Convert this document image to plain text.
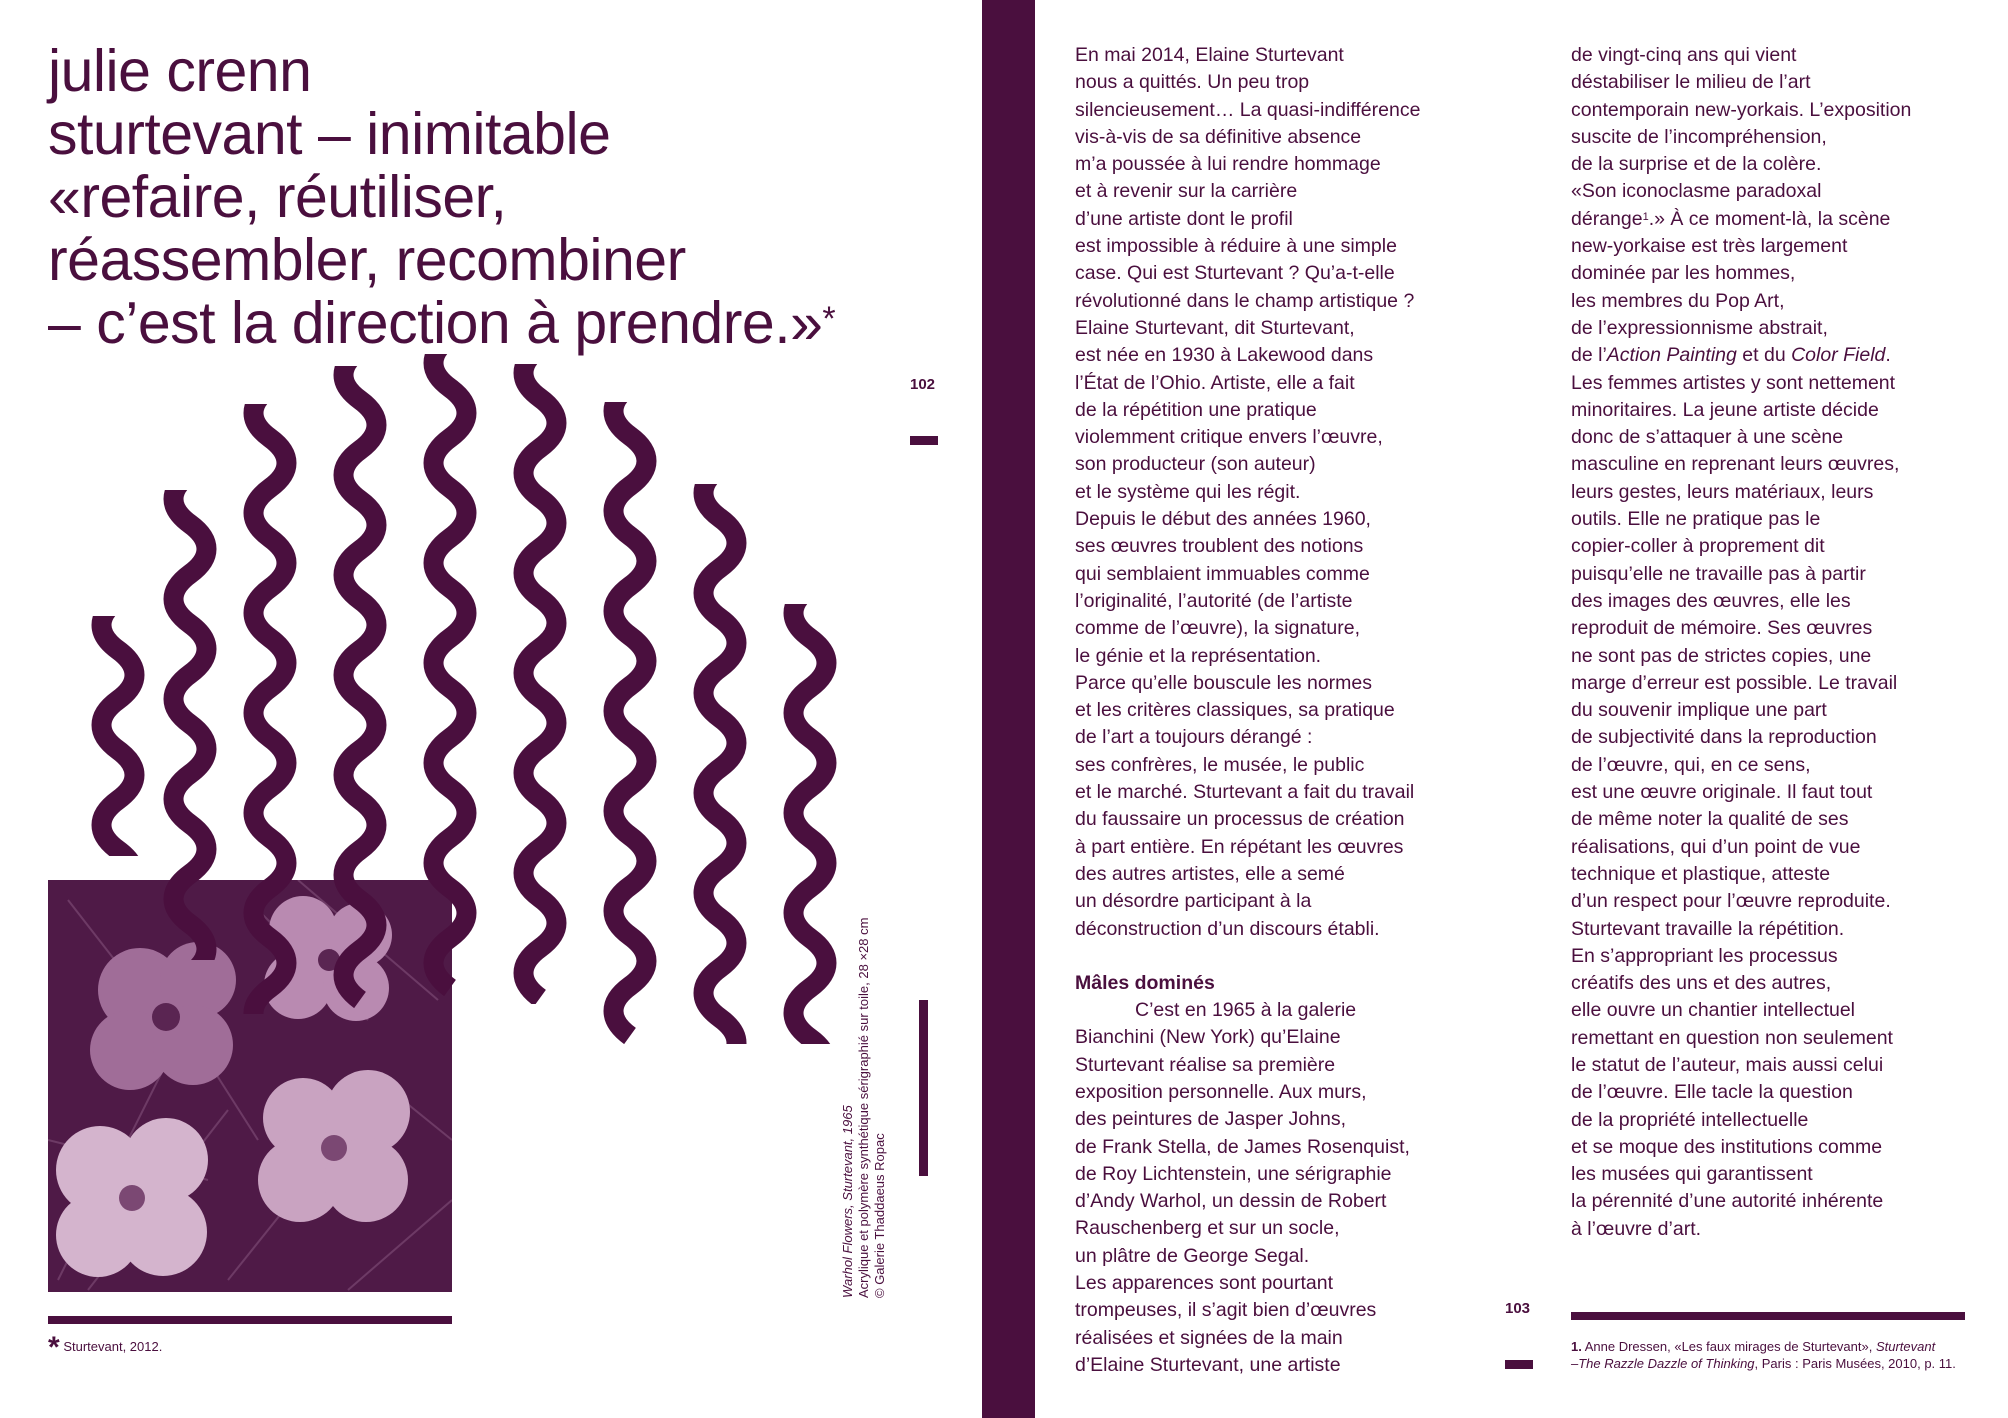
julie crenn
sturtevant – inimitable
«refaire, réutiliser,
réassembler, recombiner
– c’est la direction à prendre.»*
102
Warhol Flowers, Sturtevant, 1965 Acrylique et polymère synthétique sérigraphié sur toile, 28 ×28 cm © Galerie Thaddaeus Ropac
* Sturtevant, 2012.

En mai 2014, Elaine Sturtevant

nous a quittés. Un peu trop

silencieusement… La quasi-indifférence

vis-à-vis de sa définitive absence

m’a poussée à lui rendre hommage

et à revenir sur la carrière

d’une artiste dont le profil

est impossible à réduire à une simple

case. Qui est Sturtevant ? Qu’a-t-elle

révolutionné dans le champ artistique ?

Elaine Sturtevant, dit Sturtevant,

est née en 1930 à Lakewood dans

l’État de l’Ohio. Artiste, elle a fait

de la répétition une pratique

violemment critique envers l’œuvre,

son producteur (son auteur)

et le système qui les régit.

Depuis le début des années 1960,

ses œuvres troublent des notions

qui semblaient immuables comme

l’originalité, l’autorité (de l’artiste

comme de l’œuvre), la signature,

le génie et la représentation.

Parce qu’elle bouscule les normes

et les critères classiques, sa pratique

de l’art a toujours dérangé :

ses confrères, le musée, le public

et le marché. Sturtevant a fait du travail

du faussaire un processus de création

à part entière. En répétant les œuvres

des autres artistes, elle a semé

un désordre participant à la

déconstruction d’un discours établi.

Mâles dominés

C’est en 1965 à la galerie

Bianchini (New York) qu’Elaine

Sturtevant réalise sa première

exposition personnelle. Aux murs,

des peintures de Jasper Johns,

de Frank Stella, de James Rosenquist,

de Roy Lichtenstein, une sérigraphie

d’Andy Warhol, un dessin de Robert

Rauschenberg et sur un socle,

un plâtre de George Segal.

Les apparences sont pourtant

trompeuses, il s’agit bien d’œuvres

réalisées et signées de la main

d’Elaine Sturtevant, une artiste

de vingt-cinq ans qui vient

déstabiliser le milieu de l’art

contemporain new-yorkais. L’exposition

suscite de l’incompréhension,

de la surprise et de la colère.

«Son iconoclasme paradoxal

dérange$^1$.» À ce moment-là, la scène

new-yorkaise est très largement

dominée par les hommes,

les membres du Pop Art,

de l’expressionnisme abstrait,

de l’Action Painting et du Color Field.

Les femmes artistes y sont nettement

minoritaires. La jeune artiste décide

donc de s’attaquer à une scène

masculine en reprenant leurs œuvres,

leurs gestes, leurs matériaux, leurs

outils. Elle ne pratique pas le

copier-coller à proprement dit

puisqu’elle ne travaille pas à partir

des images des œuvres, elle les

reproduit de mémoire. Ses œuvres

ne sont pas de strictes copies, une

marge d’erreur est possible. Le travail

du souvenir implique une part

de subjectivité dans la reproduction

de l’œuvre, qui, en ce sens,

est une œuvre originale. Il faut tout

de même noter la qualité de ses

réalisations, qui d’un point de vue

technique et plastique, atteste

d’un respect pour l’œuvre reproduite.

Sturtevant travaille la répétition.

En s’appropriant les processus

créatifs des uns et des autres,

elle ouvre un chantier intellectuel

remettant en question non seulement

le statut de l’auteur, mais aussi celui

de l’œuvre. Elle tacle la question

de la propriété intellectuelle

et se moque des institutions comme

les musées qui garantissent

la pérennité d’une autorité inhérente

à l’œuvre d’art.

103
1. Anne Dressen, «Les faux mirages de Sturtevant», Sturtevant
–The Razzle Dazzle of Thinking, Paris : Paris Musées, 2010, p. 11.
